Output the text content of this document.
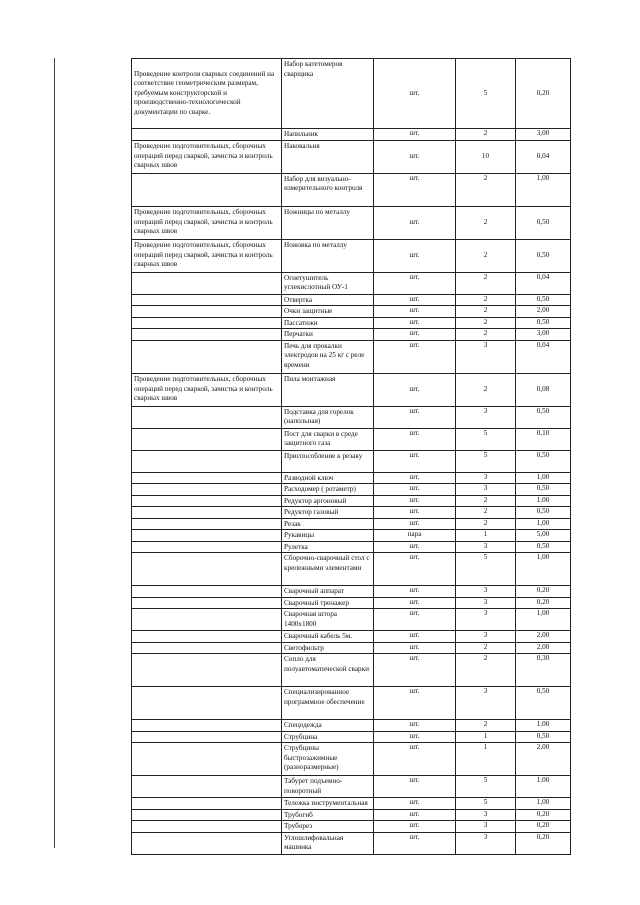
Проведение контроля сварных соединений на соответствие геометрическим размерам, требуемым конструкторской и производственно-технологической документации по сварке.	Набор катетомеров сварщика	шт.	5	0,20
	Напильник	шт.	2	3,00
Проведение подготовительных, сборочных операций перед сваркой, зачистка и контроль сварных швов	Наковальня	шт.	10	0,04
	Набор для визуально-измерительного контроля	шт.	2	1,00
Проведение подготовительных, сборочных операций перед сваркой, зачистка и контроль сварных швов	Ножницы по металлу	шт.	2	0,50
Проведение подготовительных, сборочных операций перед сваркой, зачистка и контроль сварных швов	Ножовка по металлу	шт.	2	0,50
	Огнетушитель углекислотный ОУ-1	шт.	2	0,04
	Отвертка	шт.	2	0,50
	Очки защитные	шт.	2	2,00
	Пассатижи	шт.	2	0,50
	Перчатки	шт.	2	3,00
	Печь для прокалки электродов на 25 кг с реле времени	шт.	3	0,04
Проведение подготовительных, сборочных операций перед сваркой, зачистка и контроль сварных швов	Пила монтажная	шт.	2	0,08
	Подставка для горелок (напольная)	шт.	3	0,50
	Пост для сварки в среде защитного газа	шт.	5	0,10
	Приспособление к резаку	шт.	5	0,50
	Разводной ключ	шт.	3	1,00
	Расходомер ( ротаметр)	шт.	3	0,50
	Редуктор аргоновый	шт.	2	1,00
	Редуктор газовый	шт.	2	0,50
	Резак	шт.	2	1,00
	Рукавицы	пара	1	5,00
	Рулетка	шт.	3	0,50
	Сборочно-сварочный стол с крепежными элементами	шт.	5	1,00
	Сварочный аппарат	шт.	3	0,20
	Сварочный тренажер	шт.	3	0,20
	Сварочная штора 1400х1800	шт.	3	1,00
	Сварочный кабель 5м.	шт.	3	2,00
	Светофильтр	шт.	2	2,00
	Сопло для полуавтоматической сварки	шт.	2	0,30
	Специализированное программное обеспечение	шт.	3	0,50
	Спецодежда	шт.	2	1,00
	Струбцина	шт.	1	0,50
	Струбцины быстрозажимные (разноразмерные)	шт.	1	2,00
	Табурет подъемно-поворотный	шт.	5	1,00
	Тележка инструментальная	шт.	5	1,00
	Трубогиб	шт.	3	0,20
	Труборез	шт.	3	0,20
	Углошлифовальная машинка	шт.	3	0,20
